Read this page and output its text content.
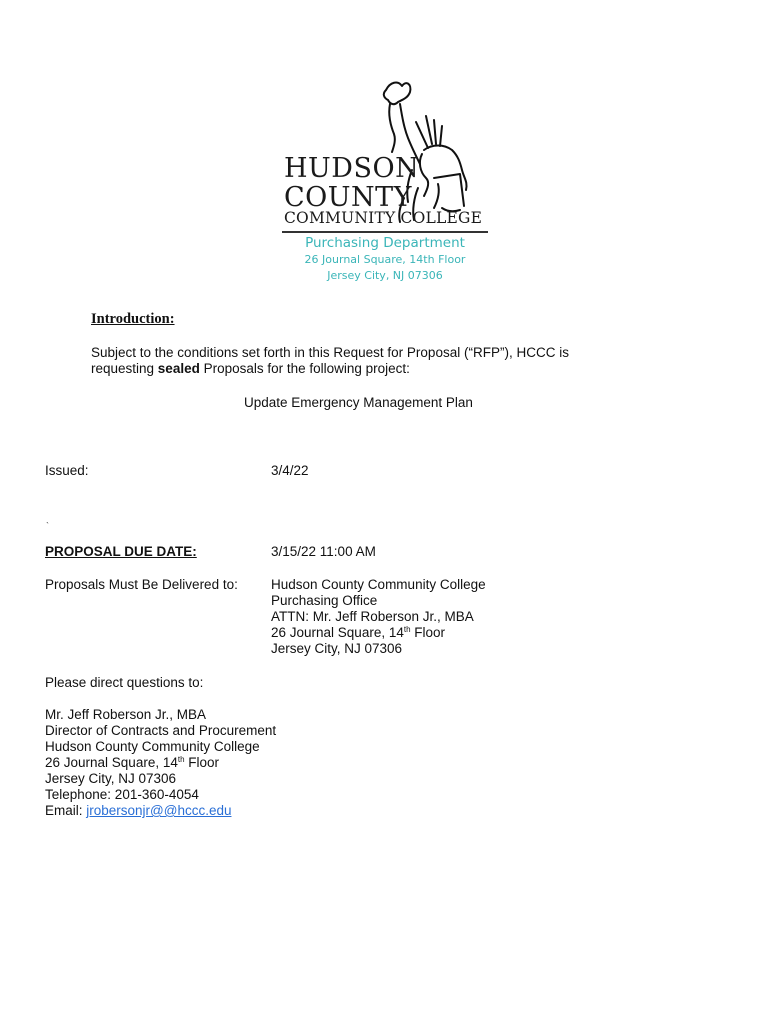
HUDSON
COUNTY
COMMUNITY COLLEGE
Purchasing Department
26 Journal Square, 14th Floor
Jersey City, NJ 07306
Introduction:
Subject to the conditions set forth in this Request for Proposal (“RFP”), HCCC is
requesting sealed Proposals for the following project:
Update Emergency Management Plan
Issued:	3/4/22
`
PROPOSAL DUE DATE:	3/15/22 11:00 AM
Proposals Must Be Delivered to: Hudson County Community College
Purchasing Office
ATTN: Mr. Jeff Roberson Jr., MBA
26 Journal Square, 14th Floor
Jersey City, NJ 07306
Please direct questions to:
Mr. Jeff Roberson Jr., MBA
Director of Contracts and Procurement
Hudson County Community College
26 Journal Square, 14th Floor
Jersey City, NJ 07306
Telephone: 201-360-4054
Email: jrobersonjr@@hccc.edu
